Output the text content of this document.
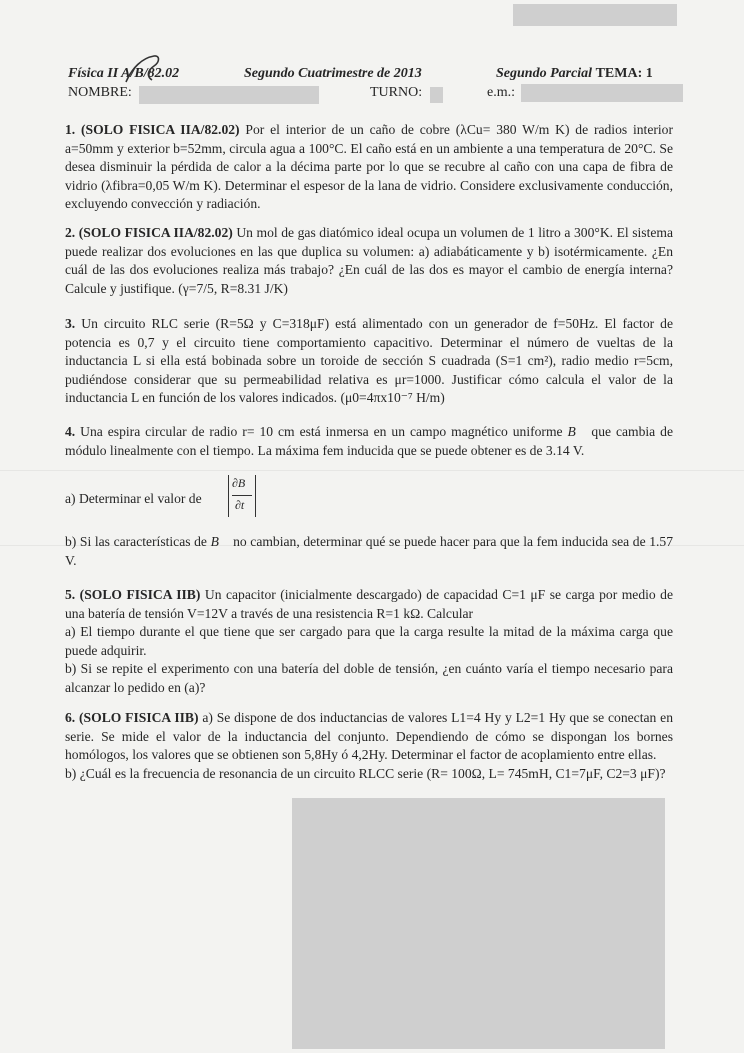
Física II A/B/82.02	Segundo Cuatrimestre de 2013	Segundo Parcial TEMA: 1
NOMBRE:	TURNO:	e.m.:
1. (SOLO FISICA IIA/82.02) Por el interior de un caño de cobre (λCu= 380 W/m K) de radios interior a=50mm y exterior b=52mm, circula agua a 100°C. El caño está en un ambiente a una temperatura de 20°C. Se desea disminuir la pérdida de calor a la décima parte por lo que se recubre al caño con una capa de fibra de vidrio (λfibra=0,05 W/m K). Determinar el espesor de la lana de vidrio. Considere exclusivamente conducción, excluyendo convección y radiación.
2. (SOLO FISICA IIA/82.02) Un mol de gas diatómico ideal ocupa un volumen de 1 litro a 300°K. El sistema puede realizar dos evoluciones en las que duplica su volumen: a) adiabáticamente y b) isotérmicamente. ¿En cuál de las dos evoluciones realiza más trabajo? ¿En cuál de las dos es mayor el cambio de energía interna? Calcule y justifique. (γ=7/5, R=8.31 J/K)
3. Un circuito RLC serie (R=5Ω y C=318μF) está alimentado con un generador de f=50Hz. El factor de potencia es 0,7 y el circuito tiene comportamiento capacitivo. Determinar el número de vueltas de la inductancia L si ella está bobinada sobre un toroide de sección S cuadrada (S=1 cm²), radio medio r=5cm, pudiéndose considerar que su permeabilidad relativa es μr=1000. Justificar cómo calcula el valor de la inductancia L en función de los valores indicados. (μ0=4πx10⁻⁷ H/m)
4. Una espira circular de radio r= 10 cm está inmersa en un campo magnético uniforme B⃗ que cambia de módulo linealmente con el tiempo. La máxima fem inducida que se puede obtener es de 3.14 V.
a) Determinar el valor de
∂B⃗
∂t
b) Si las características de B⃗ no cambian, determinar qué se puede hacer para que la fem inducida sea de 1.57 V.
5. (SOLO FISICA IIB) Un capacitor (inicialmente descargado) de capacidad C=1 μF se carga por medio de una batería de tensión V=12V a través de una resistencia R=1 kΩ. Calcular
a) El tiempo durante el que tiene que ser cargado para que la carga resulte la mitad de la máxima carga que puede adquirir.
b) Si se repite el experimento con una batería del doble de tensión, ¿en cuánto varía el tiempo necesario para alcanzar lo pedido en (a)?
6. (SOLO FISICA IIB) a) Se dispone de dos inductancias de valores L1=4 Hy y L2=1 Hy que se conectan en serie. Se mide el valor de la inductancia del conjunto. Dependiendo de cómo se dispongan los bornes homólogos, los valores que se obtienen son 5,8Hy ó 4,2Hy. Determinar el factor de acoplamiento entre ellas.
b) ¿Cuál es la frecuencia de resonancia de un circuito RLCC serie (R= 100Ω, L= 745mH, C1=7μF, C2=3 μF)?
